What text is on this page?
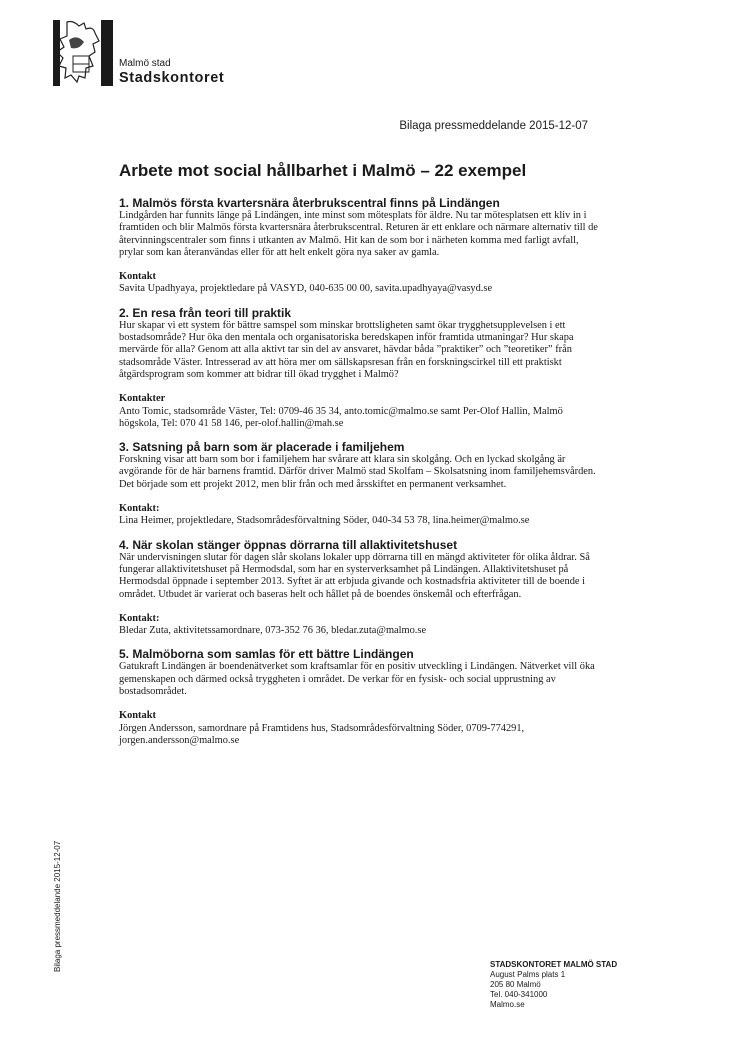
Malmö stad
Stadskontoret
Bilaga pressmeddelande 2015-12-07
Arbete mot social hållbarhet i Malmö – 22 exempel
1. Malmös första kvartersnära återbrukscentral finns på Lindängen

Lindgården har funnits länge på Lindängen, inte minst som mötesplats för äldre. Nu tar mötesplatsen ett kliv in i framtiden och blir Malmös första kvartersnära återbrukscentral. Returen är ett enklare och närmare alternativ till de återvinningscentraler som finns i utkanten av Malmö. Hit kan de som bor i närheten komma med farligt avfall, prylar som kan återanvändas eller för att helt enkelt göra nya saker av gamla.

Kontakt

Savita Upadhyaya, projektledare på VASYD, 040-635 00 00, savita.upadhyaya@vasyd.se

2. En resa från teori till praktik

Hur skapar vi ett system för bättre samspel som minskar brottsligheten samt ökar trygghetsupplevelsen i ett bostadsområde? Hur öka den mentala och organisatoriska beredskapen inför framtida utmaningar? Hur skapa mervärde för alla? Genom att alla aktivt tar sin del av ansvaret, hävdar båda ”praktiker” och ”teoretiker” från stadsområde Väster. Intresserad av att höra mer om sällskapsresan från en forskningscirkel till ett praktiskt åtgärdsprogram som kommer att bidrar till ökad trygghet i Malmö?

Kontakter

Anto Tomic, stadsområde Väster, Tel: 0709-46 35 34, anto.tomic@malmo.se samt Per-Olof Hallin, Malmö högskola, Tel: 070 41 58 146, per-olof.hallin@mah.se

3. Satsning på barn som är placerade i familjehem

Forskning visar att barn som bor i familjehem har svårare att klara sin skolgång. Och en lyckad skolgång är avgörande för de här barnens framtid. Därför driver Malmö stad Skolfam – Skolsatsning inom familjehemsvården. Det började som ett projekt 2012, men blir från och med årsskiftet en permanent verksamhet.

Kontakt:

Lina Heimer, projektledare, Stadsområdesförvaltning Söder, 040-34 53 78, lina.heimer@malmo.se

4. När skolan stänger öppnas dörrarna till allaktivitetshuset

När undervisningen slutar för dagen slår skolans lokaler upp dörrarna till en mängd aktiviteter för olika åldrar. Så fungerar allaktivitetshuset på Hermodsdal, som har en systerverksamhet på Lindängen. Allaktivitetshuset på Hermodsdal öppnade i september 2013. Syftet är att erbjuda givande och kostnadsfria aktiviteter till de boende i området. Utbudet är varierat och baseras helt och hållet på de boendes önskemål och efterfrågan.

Kontakt:

Bledar Zuta, aktivitetssamordnare, 073-352 76 36, bledar.zuta@malmo.se

5. Malmöborna som samlas för ett bättre Lindängen

Gatukraft Lindängen är boendenätverket som kraftsamlar för en positiv utveckling i Lindängen. Nätverket vill öka gemenskapen och därmed också tryggheten i området. De verkar för en fysisk- och social upprustning av bostadsområdet.

Kontakt

Jörgen Andersson, samordnare på Framtidens hus, Stadsområdesförvaltning Söder, 0709-774291, jorgen.andersson@malmo.se

Bilaga pressmeddelande 2015-12-07	STADSKONTORET MALMÖ STAD
August Palms plats 1
205 80 Malmö
Tel. 040-341000
Malmo.se
